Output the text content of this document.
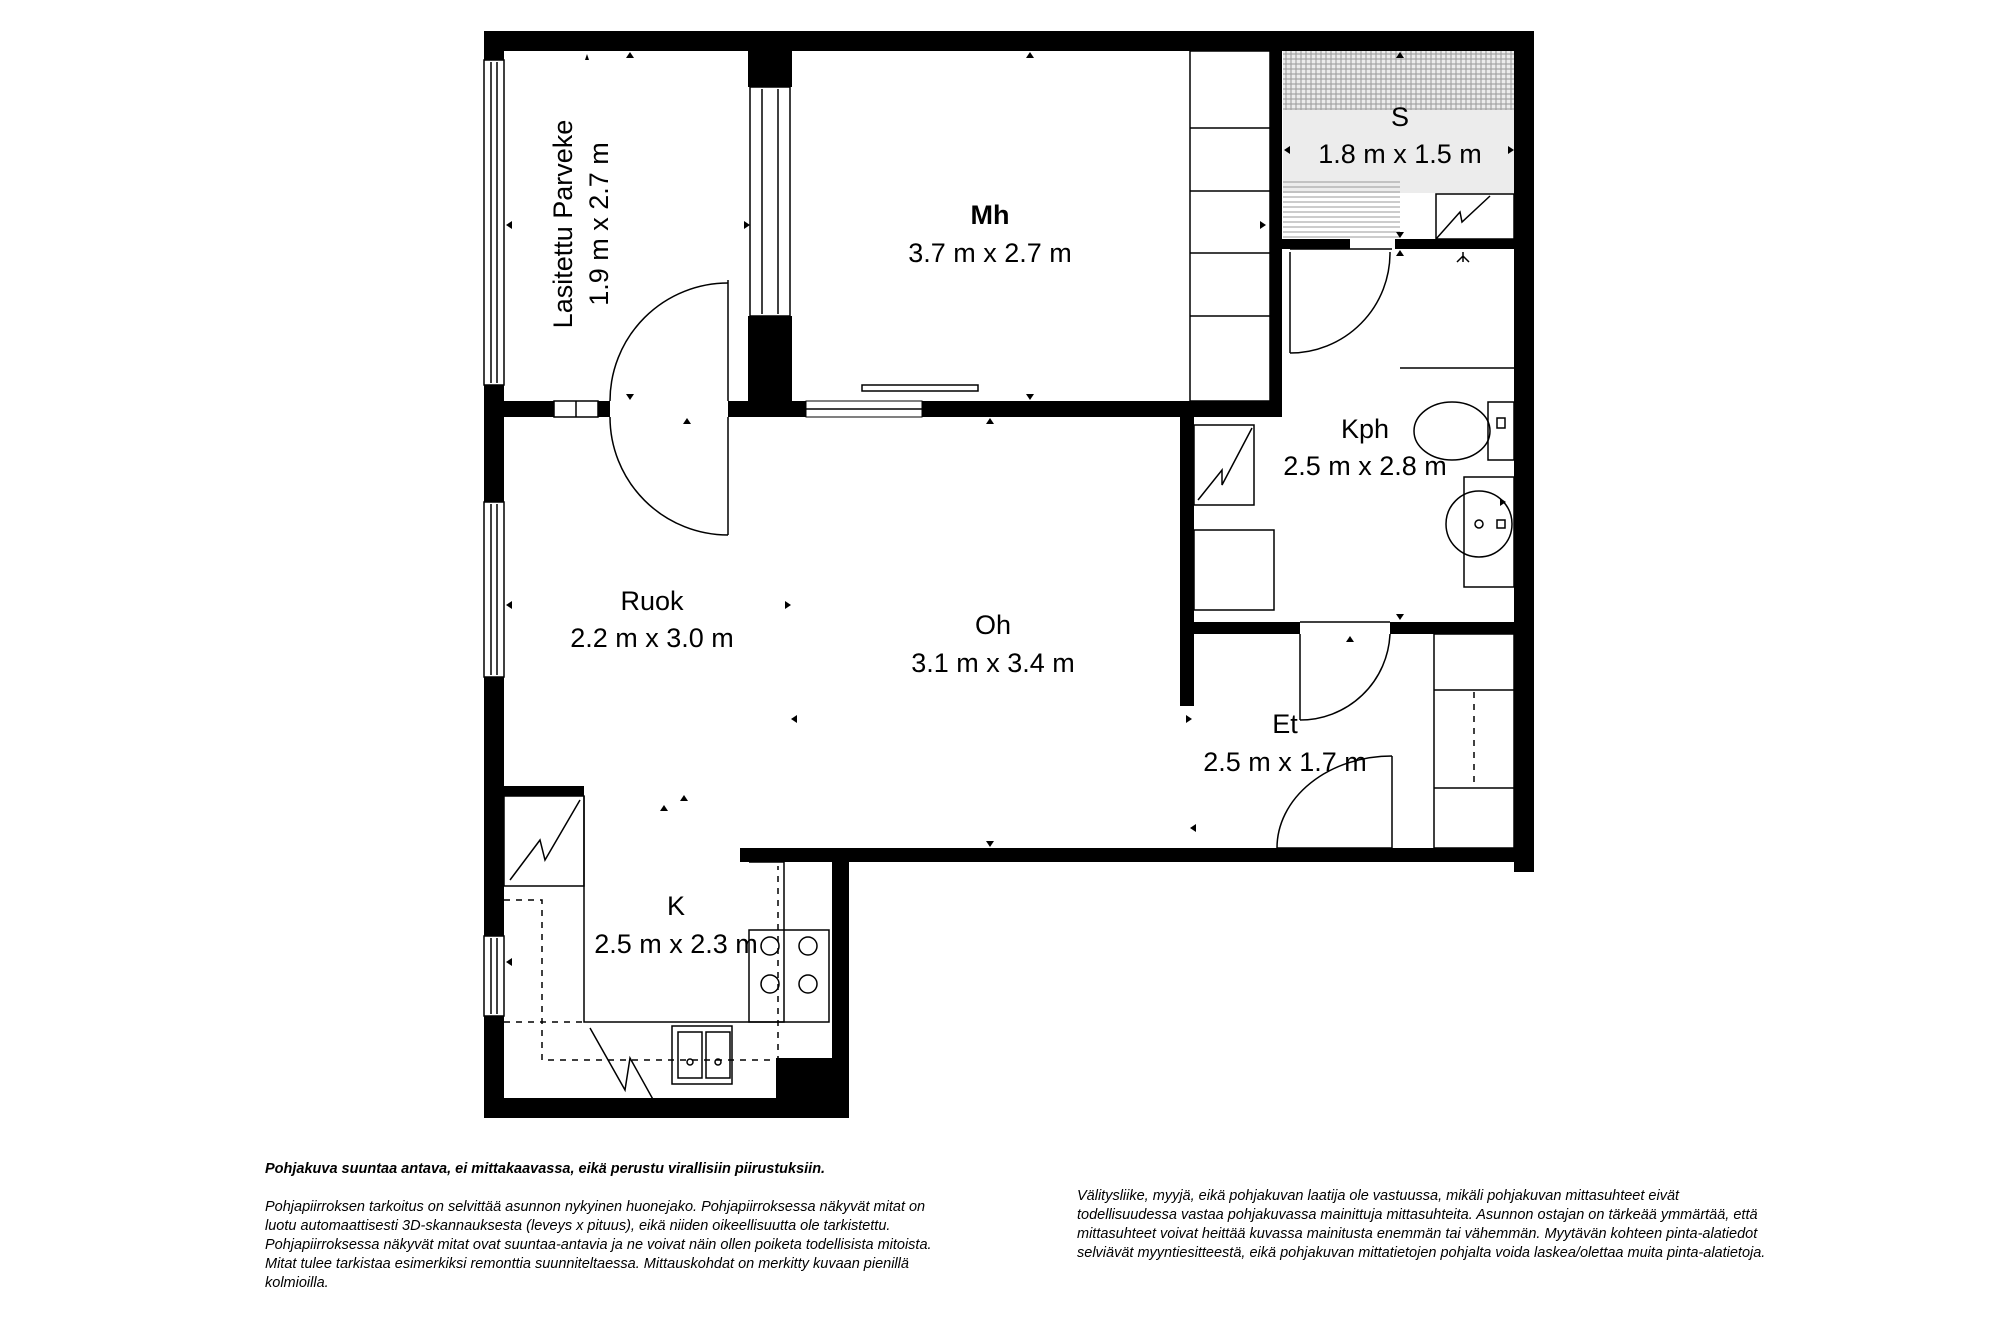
Lasitettu Parveke 1.9 m x 2.7 m	Mh
3.7 m x 2.7 m
S
1.8 m x 1.5 m
Kph
2.5 m x 2.8 m
Ruok
2.2 m x 3.0 m	Oh
3.1 m x 3.4 m
Et
2.5 m x 1.7 m
K
2.5 m x 2.3 m

Pohjakuva suuntaa antava, ei mittakaavassa, eikä perustu virallisiin piirustuksiin.

Pohjapiirroksen tarkoitus on selvittää asunnon nykyinen huonejako. Pohjapiirroksessa näkyvät mitat on luotu automaattisesti 3D-skannauksesta (leveys x pituus), eikä niiden oikeellisuutta ole tarkistettu. Pohjapiirroksessa näkyvät mitat ovat suuntaa-antavia ja ne voivat näin ollen poiketa todellisista mitoista. Mitat tulee tarkistaa esimerkiksi remonttia suunniteltaessa. Mittauskohdat on merkitty kuvaan pienillä kolmioilla.

Välitysliike, myyjä, eikä pohjakuvan laatija ole vastuussa, mikäli pohjakuvan mittasuhteet eivät todellisuudessa vastaa pohjakuvassa mainittuja mittasuhteita. Asunnon ostajan on tärkeää ymmärtää, että mittasuhteet voivat heittää kuvassa mainitusta enemmän tai vähemmän. Myytävän kohteen pinta-alatiedot selviävät myyntiesitteestä, eikä pohjakuvan mittatietojen pohjalta voida laskea/olettaa muita pinta-alatietoja.
